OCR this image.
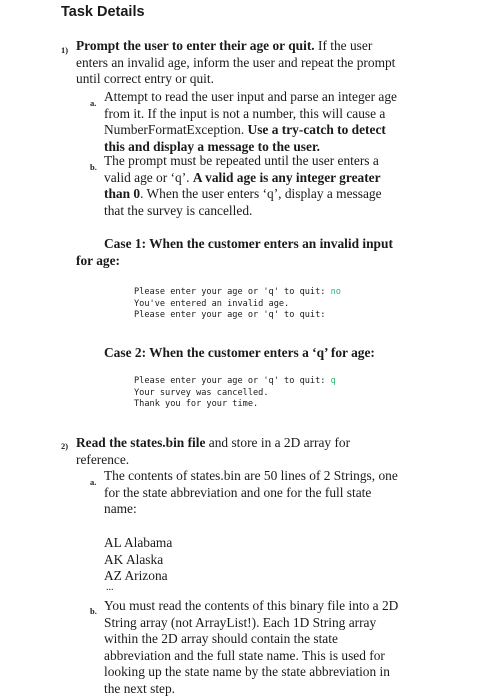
Task Details
1) Prompt the user to enter their age or quit. If the user
enters an invalid age, inform the user and repeat the prompt
until correct entry or quit.
a. Attempt to read the user input and parse an integer age
from it. If the input is not a number, this will cause a
NumberFormatException. Use a try-catch to detect
this and display a message to the user.
b. The prompt must be repeated until the user enters a
valid age or ‘q’. A valid age is any integer greater
than 0. When the user enters ‘q’, display a message
that the survey is cancelled.
Case 1: When the customer enters an invalid input
for age:
Please enter your age or 'q' to quit: no
You've entered an invalid age.
Please enter your age or 'q' to quit:
Case 2: When the customer enters a ‘q’ for age:
Please enter your age or 'q' to quit: q
Your survey was cancelled.
Thank you for your time.
2) Read the states.bin file and store in a 2D array for
reference.
a. The contents of states.bin are 50 lines of 2 Strings, one
for the state abbreviation and one for the full state
name:
AL Alabama
AK Alaska
AZ Arizona
...
b. You must read the contents of this binary file into a 2D
String array (not ArrayList!). Each 1D String array
within the 2D array should contain the state
abbreviation and the full state name. This is used for
looking up the state name by the state abbreviation in
the next step.
